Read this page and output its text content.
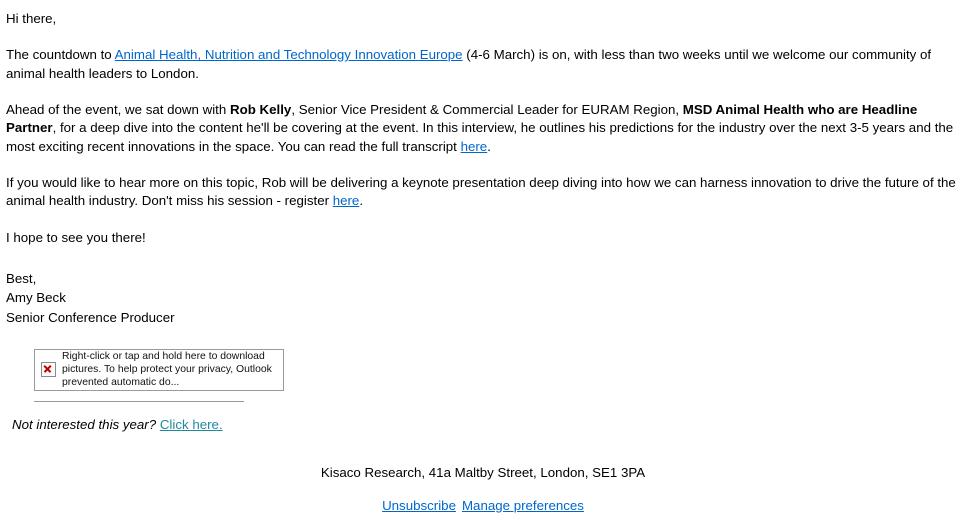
Hi there,

The countdown to Animal Health, Nutrition and Technology Innovation Europe (4-6 March) is on, with less than two weeks until we welcome our community of animal health leaders to London.

Ahead of the event, we sat down with Rob Kelly, Senior Vice President & Commercial Leader for EURAM Region, MSD Animal Health who are Headline Partner, for a deep dive into the content he'll be covering at the event. In this interview, he outlines his predictions for the industry over the next 3-5 years and the most exciting recent innovations in the space. You can read the full transcript here.

If you would like to hear more on this topic, Rob will be delivering a keynote presentation deep diving into how we can harness innovation to drive the future of the animal health industry. Don't miss his session - register here.

I hope to see you there!

Best,
Amy Beck
Senior Conference Producer
Right-click or tap and hold here to download pictures. To help protect your privacy, Outlook prevented automatic do...
Not interested this year? Click here.
Kisaco Research, 41a Maltby Street, London, SE1 3PA
Unsubscribe Manage preferences
